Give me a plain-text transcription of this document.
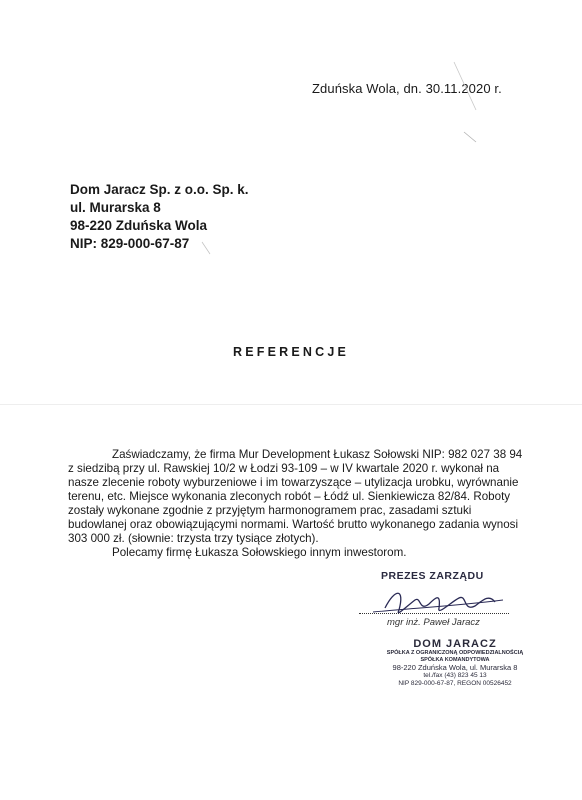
Zduńska Wola, dn. 30.11.2020 r.
Dom Jaracz Sp. z o.o. Sp. k.
ul. Murarska 8
98-220 Zduńska Wola
NIP: 829-000-67-87
REFERENCJE

Zaświadczamy, że firma Mur Development Łukasz Sołowski NIP: 982 027 38 94 z siedzibą przy ul. Rawskiej 10/2 w Łodzi 93-109 – w IV kwartale 2020 r. wykonał na nasze zlecenie roboty wyburzeniowe i im towarzyszące – utylizacja urobku, wyrównanie terenu, etc. Miejsce wykonania zleconych robót – Łódź ul. Sienkiewicza 82/84. Roboty zostały wykonane zgodnie z przyjętym harmonogramem prac, zasadami sztuki budowlanej oraz obowiązującymi normami. Wartość brutto wykonanego zadania wynosi 303 000 zł. (słownie: trzysta trzy tysiące złotych).

Polecamy firmę Łukasza Sołowskiego innym inwestorom.

PREZES ZARZĄDU
mgr inż. Paweł Jaracz
DOM JARACZ
SPÓŁKA Z OGRANICZONĄ ODPOWIEDZIALNOŚCIĄ
SPÓŁKA KOMANDYTOWA
98-220 Zduńska Wola, ul. Murarska 8
tel./fax (43) 823 45 13
NIP 829-000-67-87, REGON 00526452
